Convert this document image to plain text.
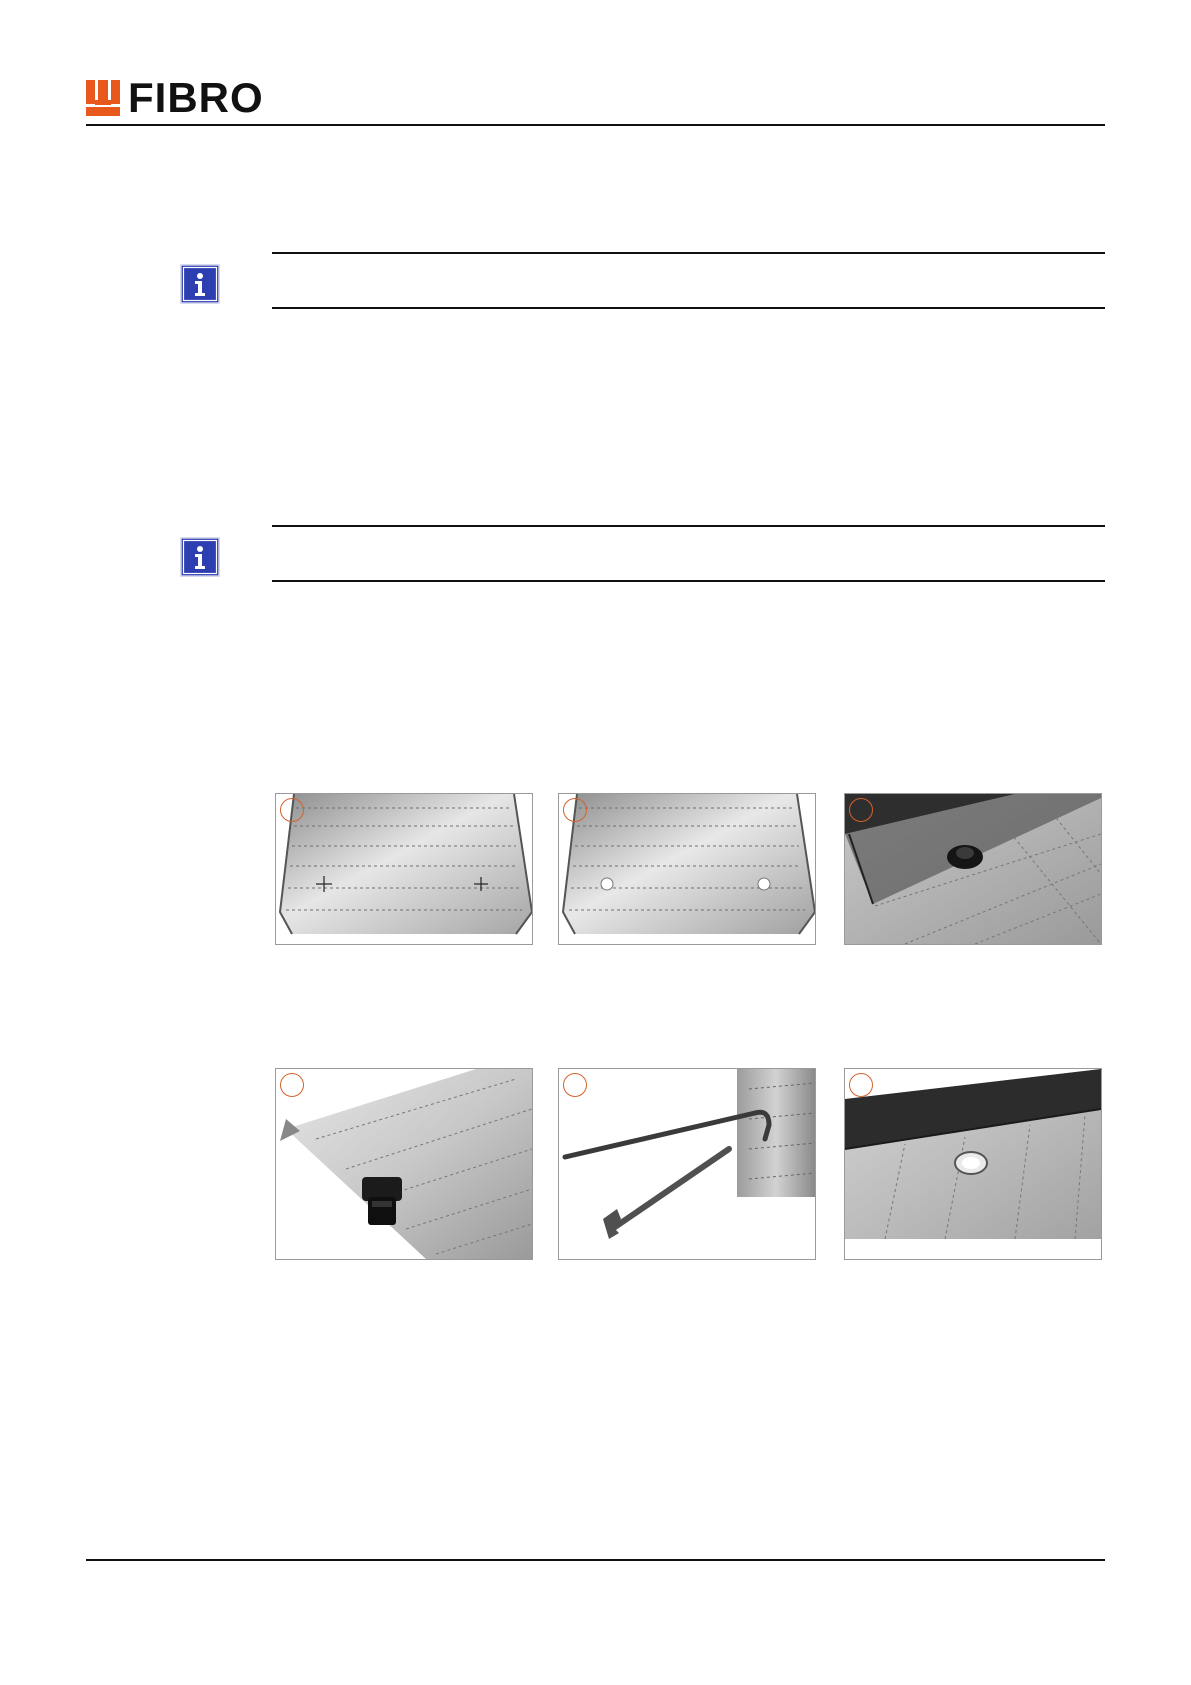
FIBRO
